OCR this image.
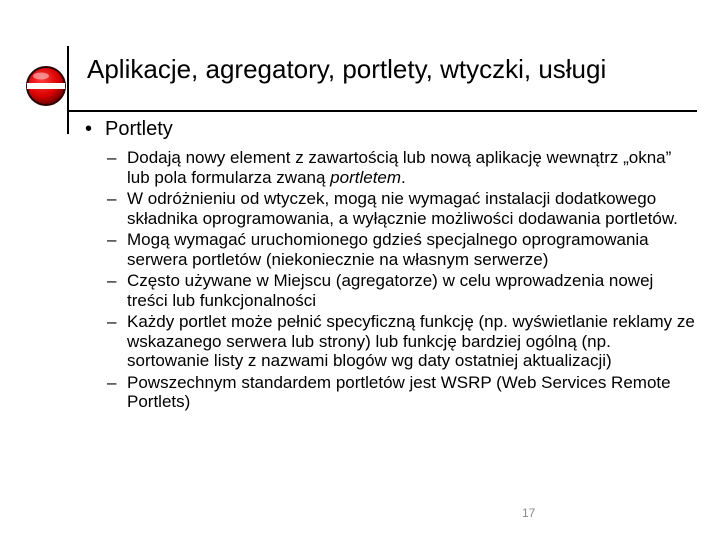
Aplikacje, agregatory, portlety, wtyczki, usługi
• Portlety
– Dodają nowy element z zawartością lub nową aplikację wewnątrz „okna” lub pola formularza zwaną portletem.
– W odróżnieniu od wtyczek, mogą nie wymagać instalacji dodatkowego składnika oprogramowania, a wyłącznie możliwości dodawania portletów.
– Mogą wymagać uruchomionego gdzieś specjalnego oprogramowania serwera portletów (niekoniecznie na własnym serwerze)
– Często używane w Miejscu (agregatorze) w celu wprowadzenia nowej treści lub funkcjonalności
– Każdy portlet może pełnić specyficzną funkcję (np. wyświetlanie reklamy ze wskazanego serwera lub strony) lub funkcję bardziej ogólną (np. sortowanie listy z nazwami blogów wg daty ostatniej aktualizacji)
– Powszechnym standardem portletów jest WSRP (Web Services Remote Portlets)
17
